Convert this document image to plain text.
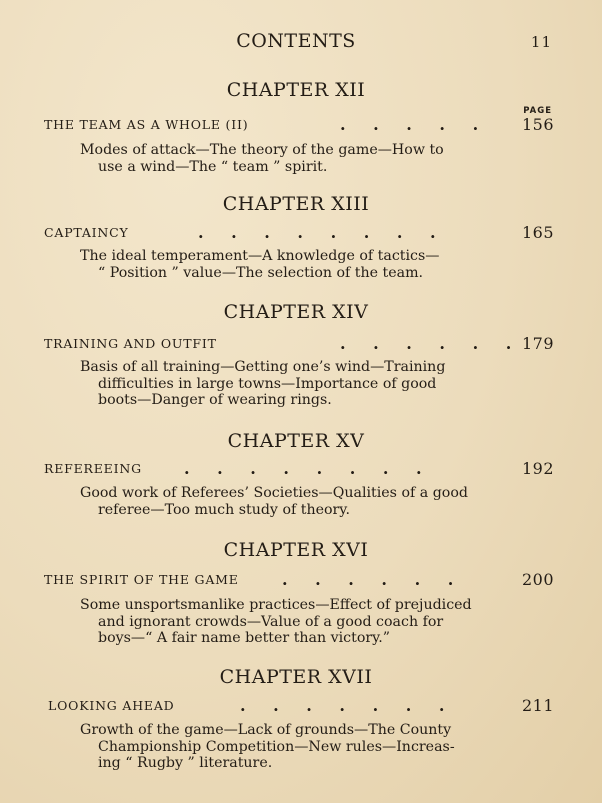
CONTENTS	11
CHAPTER XII
PAGE
THE TEAM AS A WHOLE (II)	. . . . .	156
Modes of attack—The theory of the game—How to
use a wind—The “ team ” spirit.
CHAPTER XIII
CAPTAINCY	. . . . . . . .	165
The ideal temperament—A knowledge of tactics—
“ Position ” value—The selection of the team.
CHAPTER XIV
TRAINING AND OUTFIT	. . . . . . 179
Basis of all training—Getting one’s wind—Training
difficulties in large towns—Importance of good
boots—Danger of wearing rings.
CHAPTER XV
REFEREEING	. . . . . . . .	192
Good work of Referees’ Societies—Qualities of a good
referee—Too much study of theory.
CHAPTER XVI
THE SPIRIT OF THE GAME	. . . . . .	200
Some unsportsmanlike practices—Effect of prejudiced
and ignorant crowds—Value of a good coach for
boys—“ A fair name better than victory.”
CHAPTER XVII
LOOKING AHEAD	. . . . . . .	211
Growth of the game—Lack of grounds—The County
Championship Competition—New rules—Increas-
ing “ Rugby ” literature.
